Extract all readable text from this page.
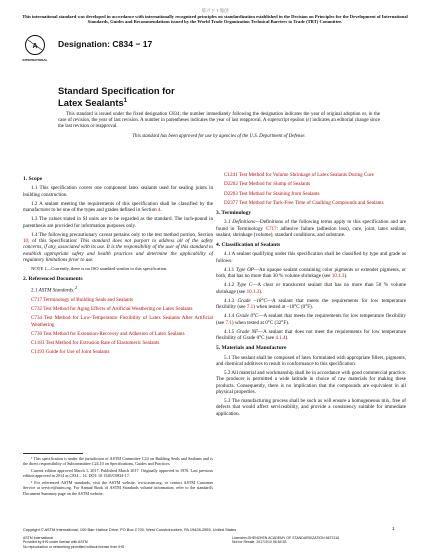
郁兴卞 Ί 俺创
This international standard was developed in accordance with internationally recognized principles on standardization established in the Decision on Principles for the Development of International Standards, Guides and Recommendations issued by the World Trade Organization Technical Barriers to Trade (TBT) Committee.
A
INTERNATIONAL
Designation: C834 − 17
Standard Specification for
Latex Sealants$^1$

This standard is issued under the fixed designation C834; the number immediately following the designation indicates the year of original adoption or, in the case of revision, the year of last revision. A number in parentheses indicates the year of last reapproval. A superscript epsilon (ε) indicates an editorial change since the last revision or reapproval.

This standard has been approved for use by agencies of the U.S. Department of Defense.

1. Scope

1.1 This specification covers one component latex sealants used for sealing joints in building construction.

1.2 A sealant meeting the requirements of this specification shall be classified by the manufacturer to be one of the types and grades defined in Section 4.

1.3 The values stated in SI units are to be regarded as the standard. The inch-pound in parenthesis are provided for information purposes only.

1.4 The following precautionary caveat pertains only to the test method portion, Section 10, of this Specification: This standard does not purport to address all of the safety concerns, if any, associated with its use. It is the responsibility of the user of this standard to establish appropriate safety and health practices and determine the applicability of regulatory limitations prior to use.

NOTE 1—Currently, there is no ISO standard similar to this specification.

2. Referenced Documents

2.1 ASTM Standards:$^2$

C717 Terminology of Building Seals and Sealants

C732 Test Method for Aging Effects of Artificial Weathering on Latex Sealants

C734 Test Method for Low-Temperature Flexibility of Latex Sealants After Artificial Weathering

C736 Test Method for Extension-Recovery and Adhesion of Latex Sealants

C1183 Test Method for Extrusion Rate of Elastomeric Sealants

C1193 Guide for Use of Joint Sealants

¹ This specification is under the jurisdiction of ASTM Committee C24 on Building Seals and Sealants and is the direct responsibility of Subcommittee C24.10 on Specifications, Guides and Practices.

Current edition approved March 1, 2017. Published March 2017. Originally approved in 1976. Last previous edition approved in 2014 as C834 – 14. DOI: 10.1520/C0834-17.

² For referenced ASTM standards, visit the ASTM website, www.astm.org, or contact ASTM Customer Service at service@astm.org. For Annual Book of ASTM Standards volume information, refer to the standard's Document Summary page on the ASTM website.

C1241 Test Method for Volume Shrinkage of Latex Sealants During Cure

D2202 Test Method for Slump of Sealants

D2203 Test Method for Staining from Sealants

D2377 Test Method for Tack-Free Time of Caulking Compounds and Sealants

3. Terminology

3.1 Definitions—Definitions of the following terms apply to this specification and are found in Terminology C717: adhesive failure (adhesion loss), cure, joint, latex sealant, sealant, shrinkage (volume), standard conditions, and substrate.

4. Classification of Sealants

4.1 A sealant qualifying under this specification shall be classified by type and grade as follows:

4.1.1 Type OP—An opaque sealant containing color pigments or extender pigments, or both, that has no more than 30 % volume shrinkage (see 10.1.3).

4.1.2 Type C—A clear or translucent sealant that has no more than 50 % volume shrinkage (see 10.1.3).

4.1.3 Grade –18°C—A sealant that meets the requirements for low temperature flexibility (see 7.1) when tested at –18°C (0°F).

4.1.4 Grade 0°C—A sealant that meets the requirements for low temperature flexibility (see 7.1) when tested at 0°C (32°F).

4.1.5 Grade NF—A sealant that does not meet the requirements for low temperature flexibility of Grade 0°C (see 4.1.4).

5. Materials and Manufacture

5.1 The sealant shall be composed of latex formulated with appropriate fillers, pigments, and chemical additives to result in conformance to this specification.

5.2 All material and workmanship shall be in accordance with good commercial practice. The producer is permitted a wide latitude in choice of raw materials for making these products. Consequently, there is no implication that the compounds are equivalent in all physical properties.

5.3 The manufacturing process shall be such as will ensure a homogeneous mix, free of defects that would affect serviceability, and provide a consistency suitable for immediate application.

Copyright © ASTM International, 100 Barr Harbor Drive, PO Box C700, West Conshohocken, PA 19428-2959. United States	1
ASTM International
Provided by IHS under license with ASTM
No reproduction or networking permitted without license from IHS
Licensee=SHENZHEN ACADEMY OF STANDARDIZATION 6672116
Not for Resale, 2017/3/10 06:54:53
